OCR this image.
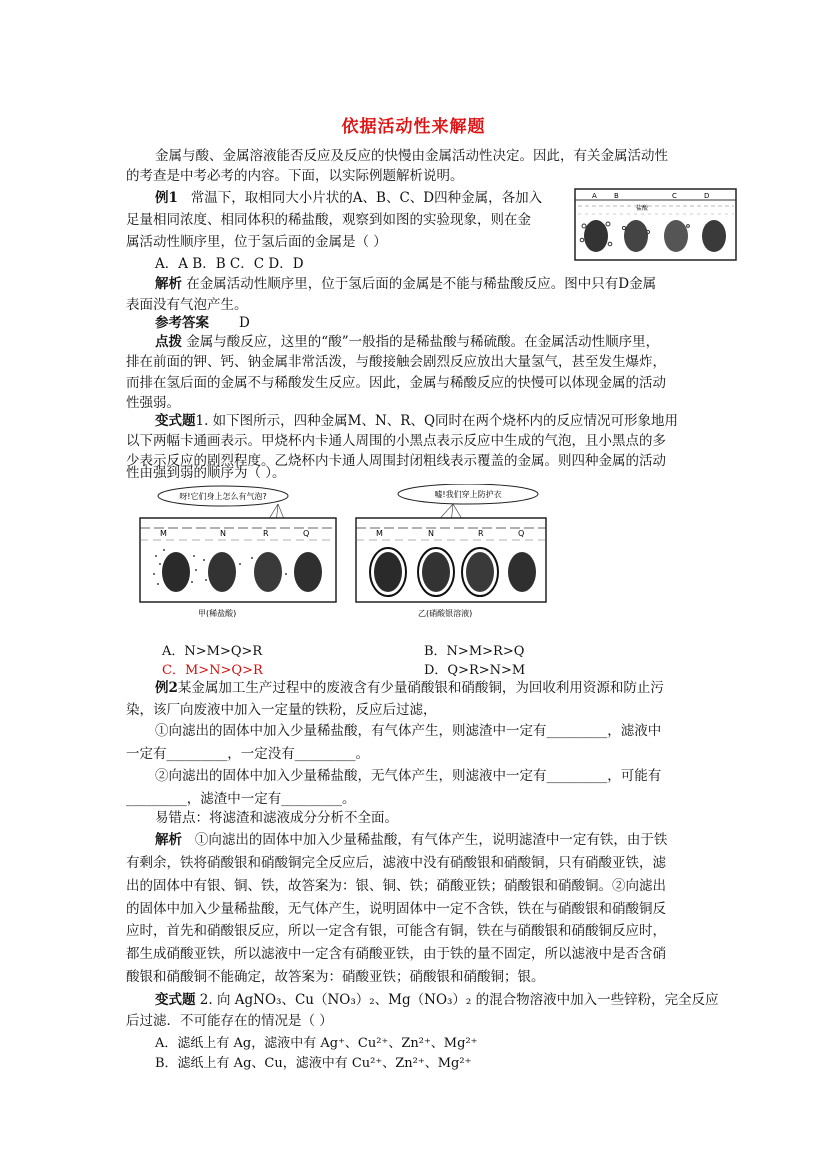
依据活动性来解题
金属与酸、金属溶液能否反应及反应的快慢由金属活动性决定。因此，有关金属活动性
的考查是中考必考的内容。下面，以实际例题解析说明。
例1 常温下，取相同大小片状的A、B、C、D四种金属，各加入
足量相同浓度、相同体积的稀盐酸，观察到如图的实验现象，则在金
属活动性顺序里，位于氢后面的金属是（ ）
A B	C	D
盐酸
A．A B．B C．C D．D
解析 在金属活动性顺序里，位于氢后面的金属是不能与稀盐酸反应。图中只有D金属
表面没有气泡产生。
参考答案 D
点拨 金属与酸反应，这里的“酸”一般指的是稀盐酸与稀硫酸。在金属活动性顺序里，
排在前面的钾、钙、钠金属非常活泼，与酸接触会剧烈反应放出大量氢气，甚至发生爆炸，
而排在氢后面的金属不与稀酸发生反应。因此，金属与稀酸反应的快慢可以体现金属的活动
性强弱。
变式题1. 如下图所示，四种金属M、N、R、Q同时在两个烧杯内的反应情况可形象地用
以下两幅卡通画表示。甲烧杯内卡通人周围的小黑点表示反应中生成的气泡，且小黑点的多
少表示反应的剧烈程度。乙烧杯内卡通人周围封闭粗线表示覆盖的金属。则四种金属的活动
性由强到弱的顺序为（ ）。
呀!它们身上怎么有气泡?
M	N	R	Q
甲(稀盐酸)
嘘!我们穿上防护衣
M	N	R	Q
乙(硝酸银溶液)
A．N>M>Q>R	B．N>M>R>Q
C．M>N>Q>R	D．Q>R>N>M
例2某金属加工生产过程中的废液含有少量硝酸银和硝酸铜，为回收利用资源和防止污
染，该厂向废液中加入一定量的铁粉，反应后过滤，
①向滤出的固体中加入少量稀盐酸，有气体产生，则滤渣中一定有_________，滤液中
一定有_________，一定没有_________。
②向滤出的固体中加入少量稀盐酸，无气体产生，则滤液中一定有_________，可能有
_________，滤渣中一定有_________。
易错点：将滤渣和滤液成分分析不全面。
解析 ①向滤出的固体中加入少量稀盐酸，有气体产生，说明滤渣中一定有铁，由于铁
有剩余，铁将硝酸银和硝酸铜完全反应后，滤液中没有硝酸银和硝酸铜，只有硝酸亚铁，滤
出的固体中有银、铜、铁，故答案为：银、铜、铁；硝酸亚铁；硝酸银和硝酸铜。②向滤出
的固体中加入少量稀盐酸，无气体产生，说明固体中一定不含铁，铁在与硝酸银和硝酸铜反
应时，首先和硝酸银反应，所以一定含有银，可能含有铜，铁在与硝酸银和硝酸铜反应时，
都生成硝酸亚铁，所以滤液中一定含有硝酸亚铁，由于铁的量不固定，所以滤液中是否含硝
酸银和硝酸铜不能确定，故答案为：硝酸亚铁；硝酸银和硝酸铜；银。
变式题 2. 向 AgNO₃、Cu（NO₃）₂、Mg（NO₃）₂ 的混合物溶液中加入一些锌粉，完全反应
后过滤．不可能存在的情况是（ ）
A．滤纸上有 Ag，滤液中有 Ag⁺、Cu²⁺、Zn²⁺、Mg²⁺
B．滤纸上有 Ag、Cu，滤液中有 Cu²⁺、Zn²⁺、Mg²⁺
